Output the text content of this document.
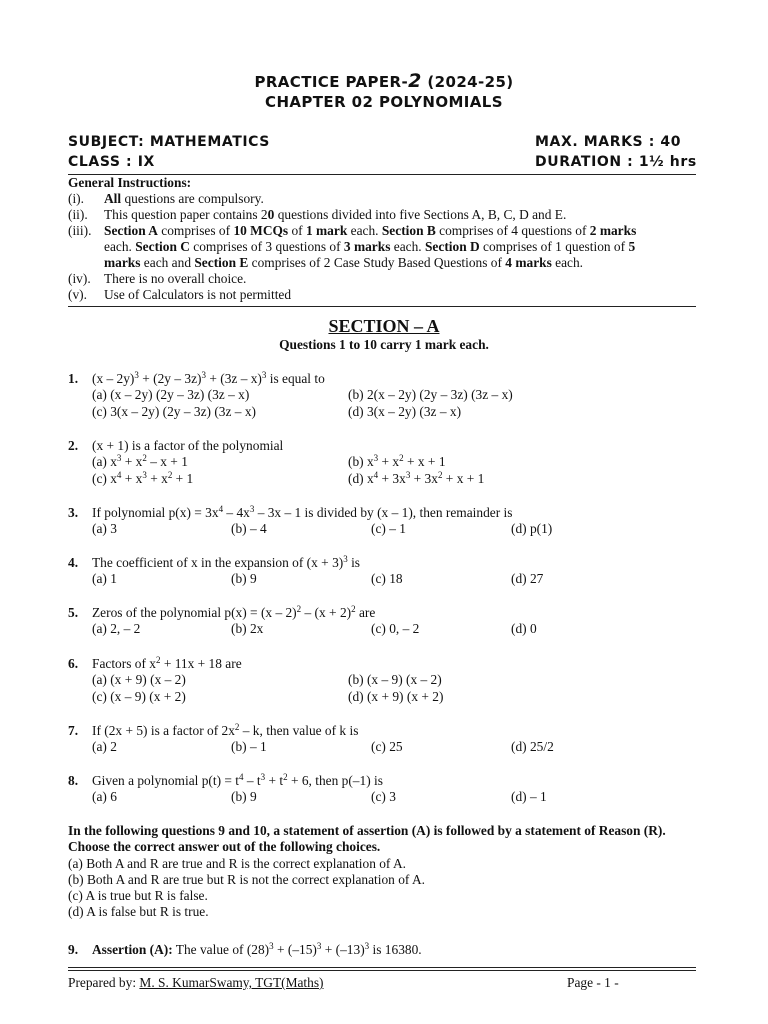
PRACTICE PAPER-2 (2024-25)
CHAPTER 02 POLYNOMIALS
SUBJECT: MATHEMATICS	MAX. MARKS : 40
CLASS : IX	DURATION : 1½ hrs
General Instructions:
(i). All questions are compulsory.
(ii). This question paper contains 20 questions divided into five Sections A, B, C, D and E.
(iii). Section A comprises of 10 MCQs of 1 mark each. Section B comprises of 4 questions of 2 marks
each. Section C comprises of 3 questions of 3 marks each. Section D comprises of 1 question of 5
marks each and Section E comprises of 2 Case Study Based Questions of 4 marks each.
(iv). There is no overall choice.
(v). Use of Calculators is not permitted
SECTION – A
Questions 1 to 10 carry 1 mark each.
1. (x – 2y)$^3$ + (2y – 3z)$^3$ + (3z – x)$^3$ is equal to
(a) (x – 2y) (2y – 3z) (3z – x)	(b) 2(x – 2y) (2y – 3z) (3z – x)
(c) 3(x – 2y) (2y – 3z) (3z – x)	(d) 3(x – 2y) (3z – x)
2. (x + 1) is a factor of the polynomial
(a) $x^3 + x^2 - x + 1$	(b) $x^3 + x^2 + x + 1$
(c) $x^4 + x^3 + x^2 + 1$	(d) $x^4 + 3x^3 + 3x^2 + x + 1$
3. If polynomial $p(x) = 3x^4 - 4x^3 - 3x - 1$ is divided by (x – 1), then remainder is
(a) 3	(b) – 4	(c) – 1	(d) p(1)
4. The coefficient of x in the expansion of $(x + 3)^3$ is
(a) 1	(b) 9	(c) 18	(d) 27
5. Zeros of the polynomial $p(x) = (x - 2)^2 - (x + 2)^2$ are
(a) 2, – 2	(b) 2x	(c) 0, – 2	(d) 0
6. Factors of $x^2 + 11x + 18$ are
(a) (x + 9) (x – 2)	(b) (x – 9) (x – 2)
(c) (x – 9) (x + 2)	(d) (x + 9) (x + 2)
7. If (2x + 5) is a factor of $2x^2$ – k, then value of k is
(a) 2	(b) – 1	(c) 25	(d) 25/2
8. Given a polynomial $p(t) = t^4 - t^3 + t^2 + 6$, then p(–1) is
(a) 6	(b) 9	(c) 3	(d) – 1
In the following questions 9 and 10, a statement of assertion (A) is followed by a statement of Reason (R). Choose the correct answer out of the following choices.
(a) Both A and R are true and R is the correct explanation of A.
(b) Both A and R are true but R is not the correct explanation of A.
(c) A is true but R is false.
(d) A is false but R is true.
9. Assertion (A): The value of $(28)^3 + (-15)^3 + (-13)^3$ is 16380.
Prepared by: M. S. KumarSwamy, TGT(Maths)	Page - 1 -
